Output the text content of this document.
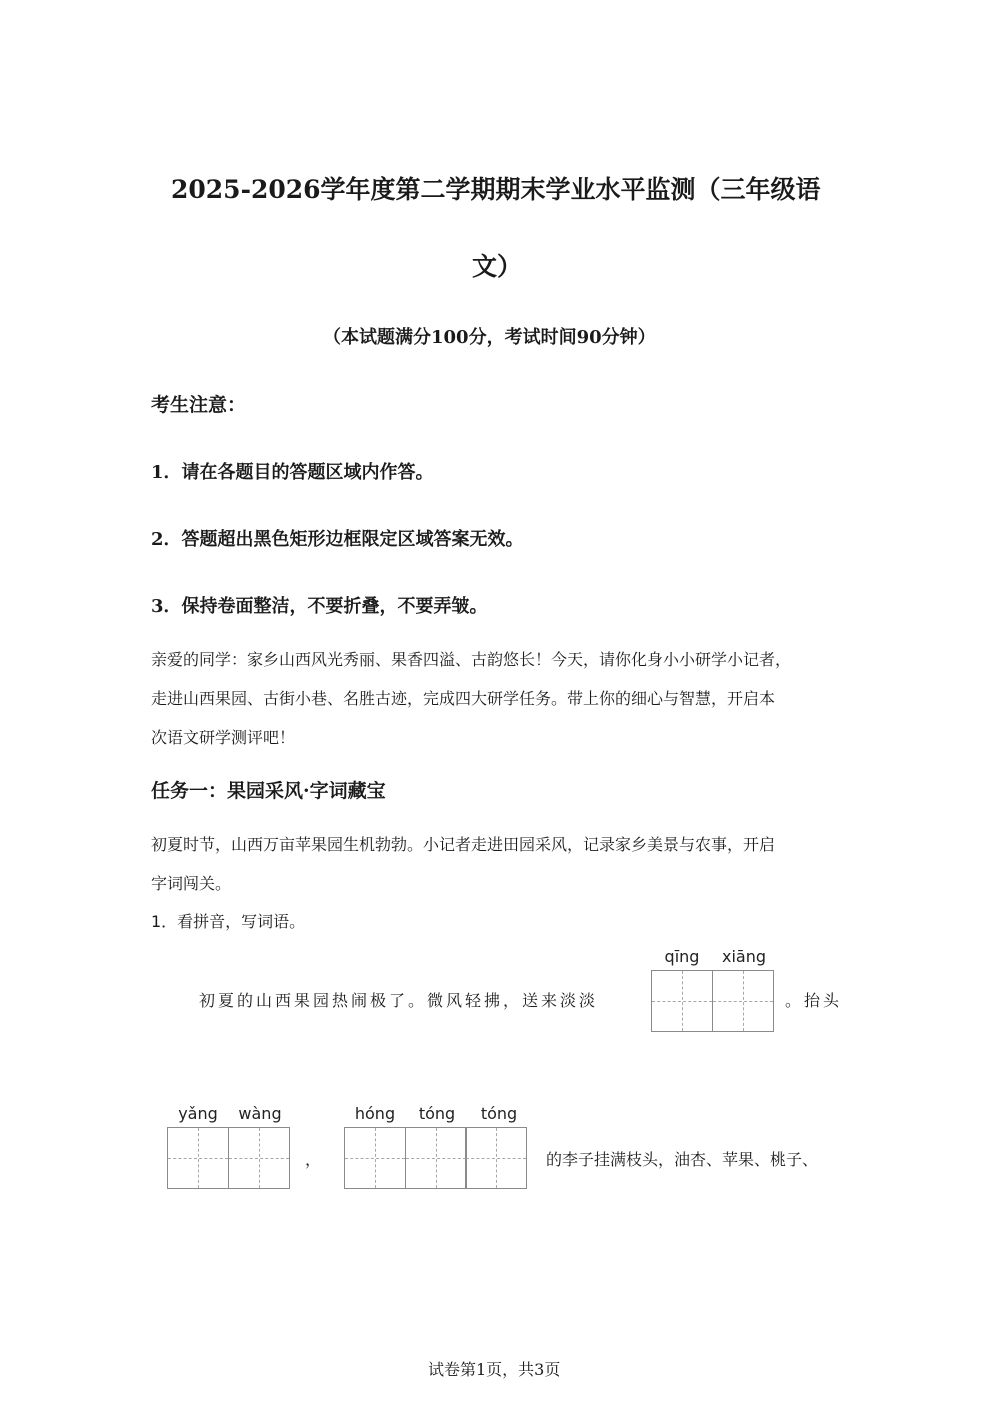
2025-2026学年度第二学期期末学业水平监测（三年级语
文）
（本试题满分100分，考试时间90分钟）
考生注意：
1．请在各题目的答题区域内作答。
2．答题超出黑色矩形边框限定区域答案无效。
3．保持卷面整洁，不要折叠，不要弄皱。
亲爱的同学：家乡山西风光秀丽、果香四溢、古韵悠长！今天，请你化身小小研学小记者，
走进山西果园、古街小巷、名胜古迹，完成四大研学任务。带上你的细心与智慧，开启本
次语文研学测评吧！
任务一：果园采风·字词藏宝
初夏时节，山西万亩苹果园生机勃勃。小记者走进田园采风，记录家乡美景与农事，开启
字词闯关。
1．看拼音，写词语。
初夏的山西果园热闹极了。微风轻拂，送来淡淡
qīng	xiāng
。抬头
yǎng	wàng
，
hóng	tóng	tóng
的李子挂满枝头，油杏、苹果、桃子、
试卷第1页，共3页
